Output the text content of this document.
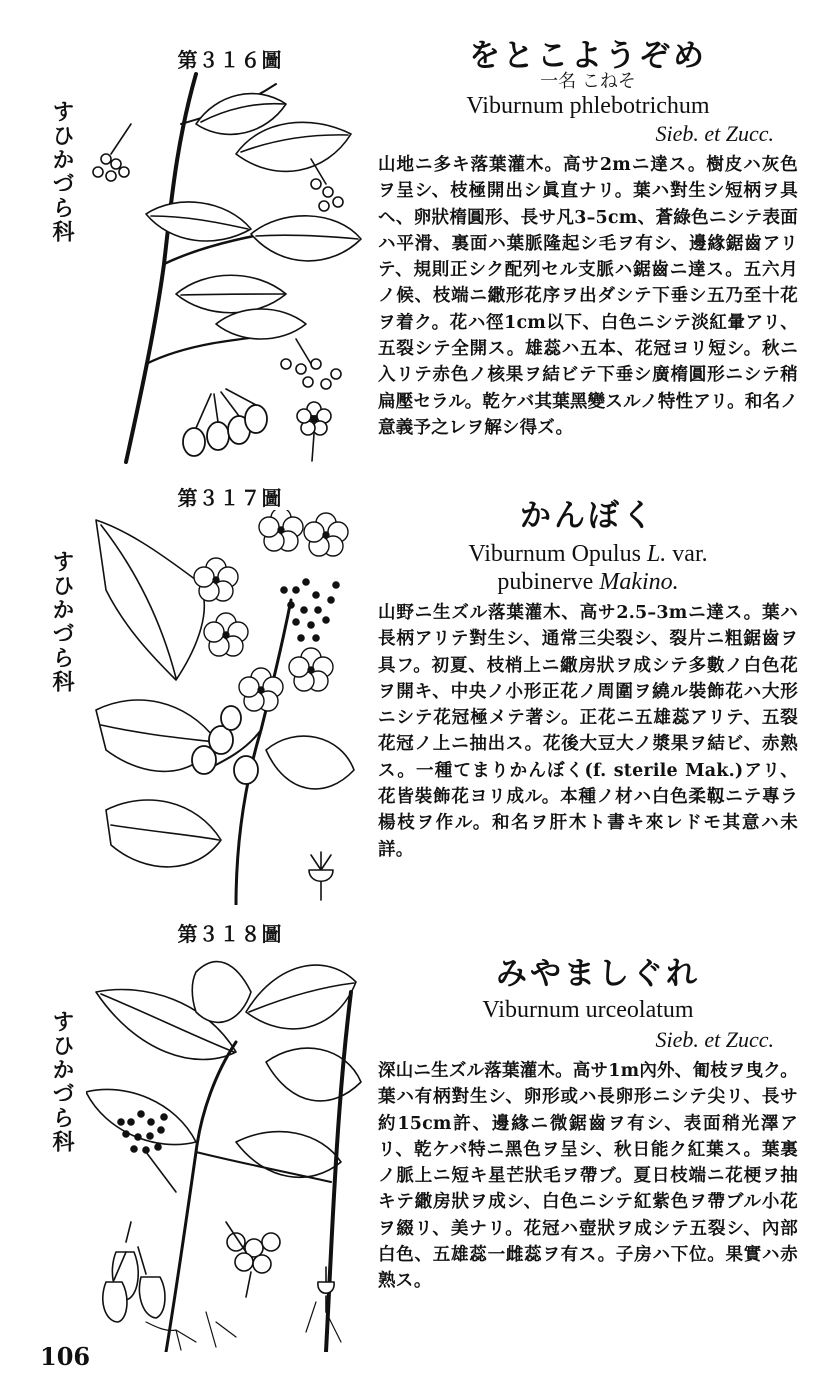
第３１６圖
すひかづら科
をとこようぞめ
一名 こねそ
Viburnum phlebotrichum
Sieb. et Zucc.
山地ニ多キ落葉灌木。高サ2mニ達ス。樹皮ハ灰色ヲ呈シ、枝極開出シ眞直ナリ。葉ハ對生シ短柄ヲ具ヘ、卵狀楕圓形、長サ凡3–5cm、蒼綠色ニシテ表面ハ平滑、裏面ハ葉脈隆起シ毛ヲ有シ、邊緣鋸齒アリテ、規則正シク配列セル支脈ハ鋸齒ニ達ス。五六月ノ候、枝端ニ繖形花序ヲ出ダシテ下垂シ五乃至十花ヲ着ク。花ハ徑1cm以下、白色ニシテ淡紅暈アリ、五裂シテ全開ス。雄蕊ハ五本、花冠ヨリ短シ。秋ニ入リテ赤色ノ核果ヲ結ビテ下垂シ廣楕圓形ニシテ稍扁壓セラル。乾ケバ其葉黑變スルノ特性アリ。和名ノ意義予之レヲ解シ得ズ。
第３１７圖
すひかづら科
かんぼく
Viburnum Opulus L. var.
pubinerve Makino.
山野ニ生ズル落葉灌木、高サ2.5–3mニ達ス。葉ハ長柄アリテ對生シ、通常三尖裂シ、裂片ニ粗鋸齒ヲ具フ。初夏、枝梢上ニ繖房狀ヲ成シテ多數ノ白色花ヲ開キ、中央ノ小形正花ノ周圍ヲ繞ル裝飾花ハ大形ニシテ花冠極メテ著シ。正花ニ五雄蕊アリテ、五裂花冠ノ上ニ抽出ス。花後大豆大ノ漿果ヲ結ビ、赤熟ス。一種てまりかんぼく(f. sterile Mak.)アリ、花皆裝飾花ヨリ成ル。本種ノ材ハ白色柔靱ニテ專ラ楊枝ヲ作ル。和名ヲ肝木ト書キ來レドモ其意ハ未詳。
第３１８圖
すひかづら科
みやましぐれ
Viburnum urceolatum
Sieb. et Zucc.
深山ニ生ズル落葉灌木。高サ1m內外、匍枝ヲ曳ク。葉ハ有柄對生シ、卵形或ハ長卵形ニシテ尖リ、長サ約15cm許、邊緣ニ微鋸齒ヲ有シ、表面稍光澤アリ、乾ケバ特ニ黑色ヲ呈シ、秋日能ク紅葉ス。葉裏ノ脈上ニ短キ星芒狀毛ヲ帶ブ。夏日枝端ニ花梗ヲ抽キテ繖房狀ヲ成シ、白色ニシテ紅紫色ヲ帶ブル小花ヲ綴リ、美ナリ。花冠ハ壺狀ヲ成シテ五裂シ、內部白色、五雄蕊一雌蕊ヲ有ス。子房ハ下位。果實ハ赤熟ス。
106
